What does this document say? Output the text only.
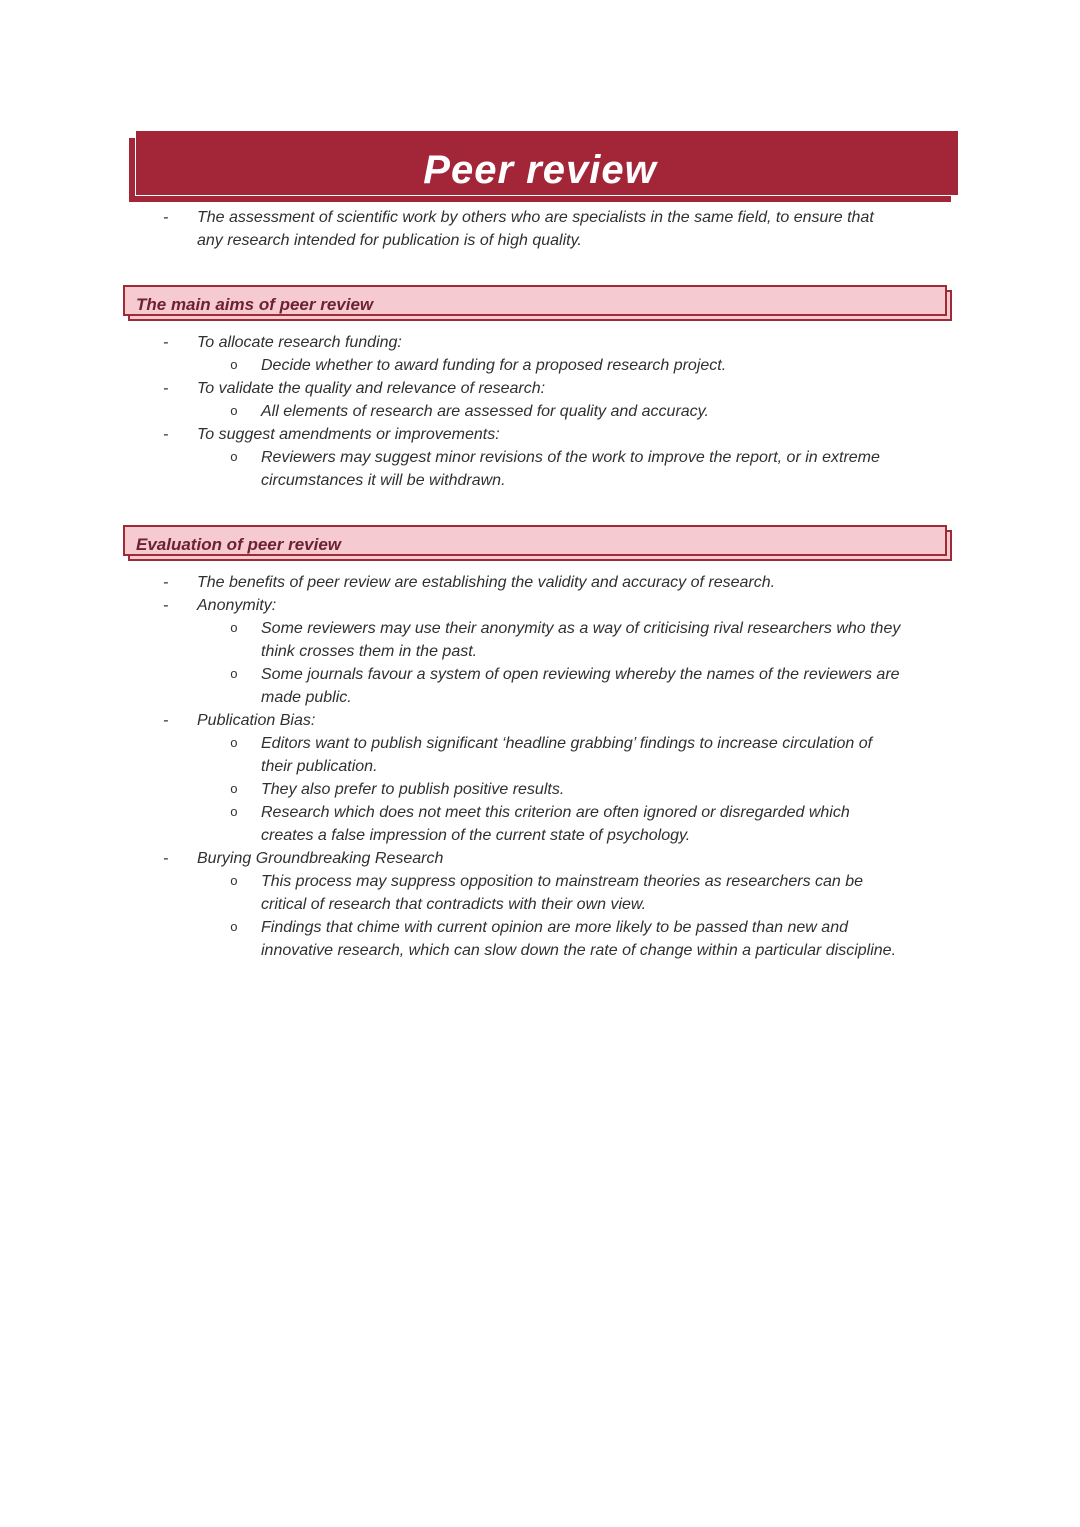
Peer review
-	The assessment of scientific work by others who are specialists in the same field, to ensure that any research intended for publication is of high quality.
The main aims of peer review
-	To allocate research funding:
o	Decide whether to award funding for a proposed research project.
-	To validate the quality and relevance of research:
o	All elements of research are assessed for quality and accuracy.
-	To suggest amendments or improvements:
o	Reviewers may suggest minor revisions of the work to improve the report, or in extreme circumstances it will be withdrawn.
Evaluation of peer review
-	The benefits of peer review are establishing the validity and accuracy of research.
-	Anonymity:
o	Some reviewers may use their anonymity as a way of criticising rival researchers who they think crosses them in the past.
o	Some journals favour a system of open reviewing whereby the names of the reviewers are made public.
-	Publication Bias:
o	Editors want to publish significant ‘headline grabbing’ findings to increase circulation of their publication.
o	They also prefer to publish positive results.
o	Research which does not meet this criterion are often ignored or disregarded which creates a false impression of the current state of psychology.
-	Burying Groundbreaking Research
o	This process may suppress opposition to mainstream theories as researchers can be critical of research that contradicts with their own view.
o	Findings that chime with current opinion are more likely to be passed than new and innovative research, which can slow down the rate of change within a particular discipline.
